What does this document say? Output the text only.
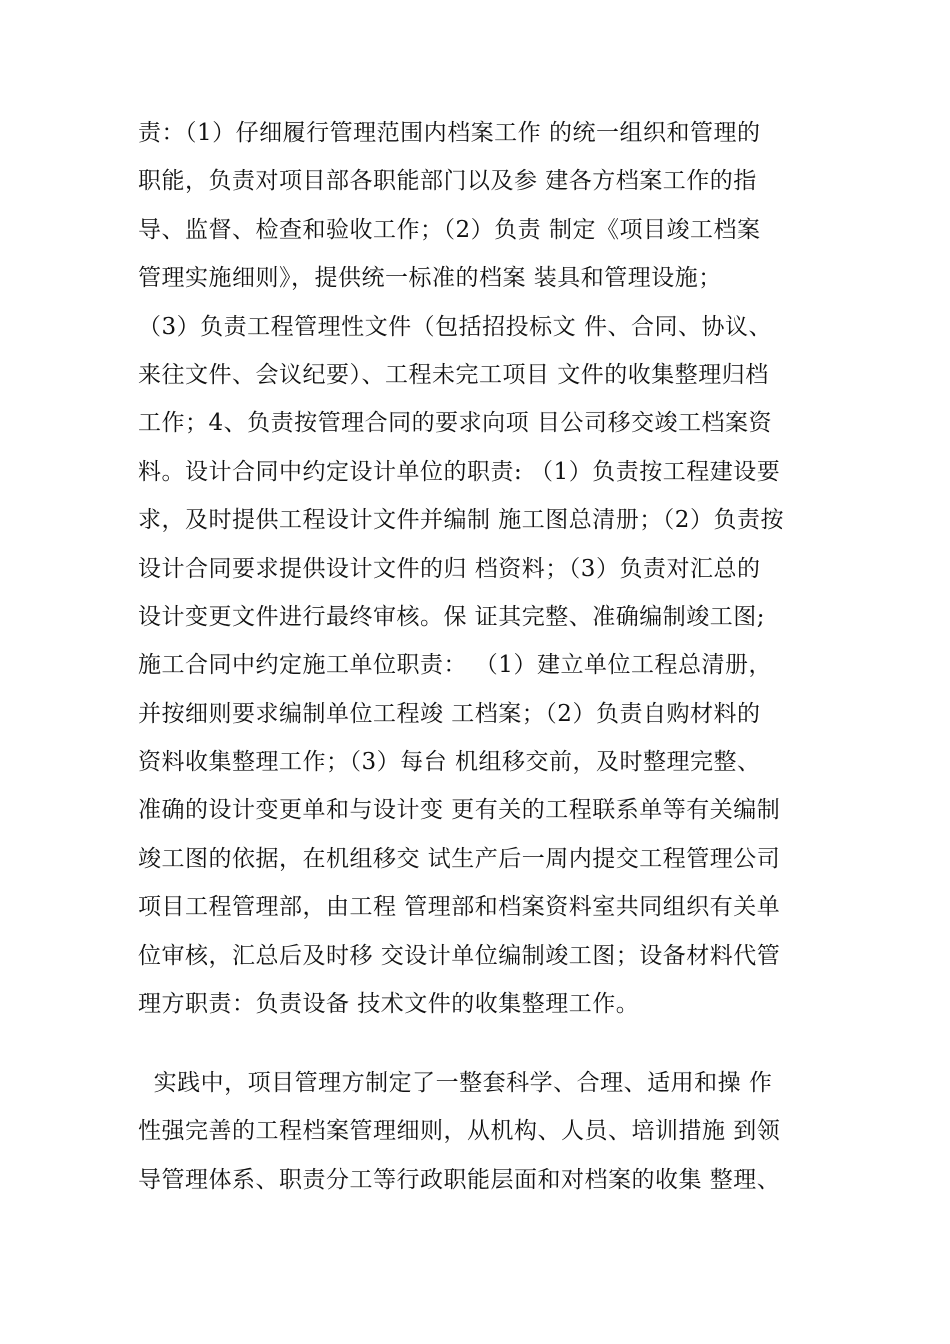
责：（1）仔细履行管理范围内档案工作 的统一组织和管理的
职能，负责对项目部各职能部门以及参 建各方档案工作的指
导、监督、检查和验收工作；（2）负责 制定《项目竣工档案
管理实施细则》，提供统一标准的档案 装具和管理设施；
（3）负责工程管理性文件（包括招投标文 件、合同、协议、
来往文件、会议纪要）、工程未完工项目 文件的收集整理归档
工作；4、负责按管理合同的要求向项 目公司移交竣工档案资
料。设计合同中约定设计单位的职责: （1）负责按工程建设要
求，及时提供工程设计文件并编制 施工图总清册；（2）负责按
设计合同要求提供设计文件的归 档资料；（3）负责对汇总的
设计变更文件进行最终审核。保 证其完整、准确编制竣工图;
施工合同中约定施工单位职责： （1）建立单位工程总清册，
并按细则要求编制单位工程竣 工档案；（2）负责自购材料的
资料收集整理工作；（3）每台 机组移交前，及时整理完整、
准确的设计变更单和与设计变 更有关的工程联系单等有关编制
竣工图的依据，在机组移交 试生产后一周内提交工程管理公司
项目工程管理部，由工程 管理部和档案资料室共同组织有关单
位审核，汇总后及时移 交设计单位编制竣工图；设备材料代管
理方职责：负责设备 技术文件的收集整理工作。
实践中，项目管理方制定了一整套科学、合理、适用和操 作
性强完善的工程档案管理细则，从机构、人员、培训措施 到领
导管理体系、职责分工等行政职能层面和对档案的收集 整理、
